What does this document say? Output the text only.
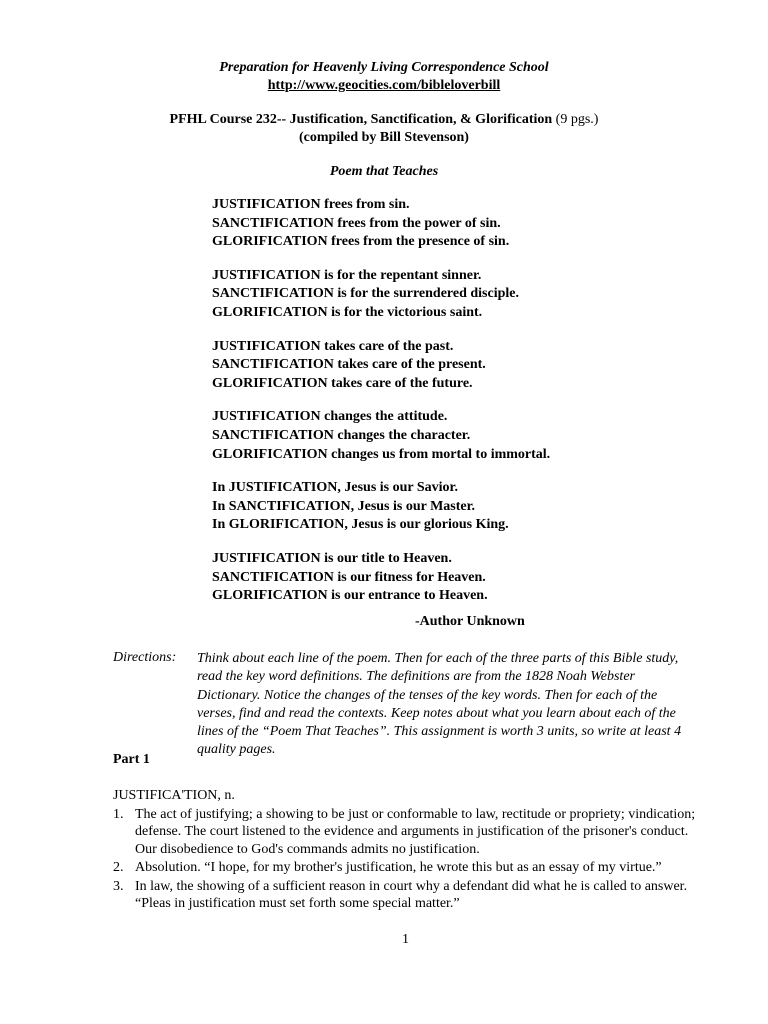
Preparation for Heavenly Living Correspondence School
http://www.geocities.com/bibleloverbill
PFHL Course 232-- Justification, Sanctification, & Glorification (9 pgs.)
(compiled by Bill Stevenson)
Poem that Teaches
JUSTIFICATION frees from sin.
SANCTIFICATION frees from the power of sin.
GLORIFICATION frees from the presence of sin.
JUSTIFICATION is for the repentant sinner.
SANCTIFICATION is for the surrendered disciple.
GLORIFICATION is for the victorious saint.
JUSTIFICATION takes care of the past.
SANCTIFICATION takes care of the present.
GLORIFICATION takes care of the future.
JUSTIFICATION changes the attitude.
SANCTIFICATION changes the character.
GLORIFICATION changes us from mortal to immortal.
In JUSTIFICATION, Jesus is our Savior.
In SANCTIFICATION, Jesus is our Master.
In GLORIFICATION, Jesus is our glorious King.
JUSTIFICATION is our title to Heaven.
SANCTIFICATION is our fitness for Heaven.
GLORIFICATION is our entrance to Heaven.
-Author Unknown
Directions: Think about each line of the poem. Then for each of the three parts of this Bible study, read the key word definitions. The definitions are from the 1828 Noah Webster Dictionary. Notice the changes of the tenses of the key words. Then for each of the verses, find and read the contexts. Keep notes about what you learn about each of the lines of the “Poem That Teaches”. This assignment is worth 3 units, so write at least 4 quality pages.
Part 1
JUSTIFICA'TION, n.
1. The act of justifying; a showing to be just or conformable to law, rectitude or propriety; vindication; defense. The court listened to the evidence and arguments in justification of the prisoner's conduct. Our disobedience to God's commands admits no justification.
2. Absolution. “I hope, for my brother's justification, he wrote this but as an essay of my virtue.”
3. In law, the showing of a sufficient reason in court why a defendant did what he is called to answer. “Pleas in justification must set forth some special matter.”
1
